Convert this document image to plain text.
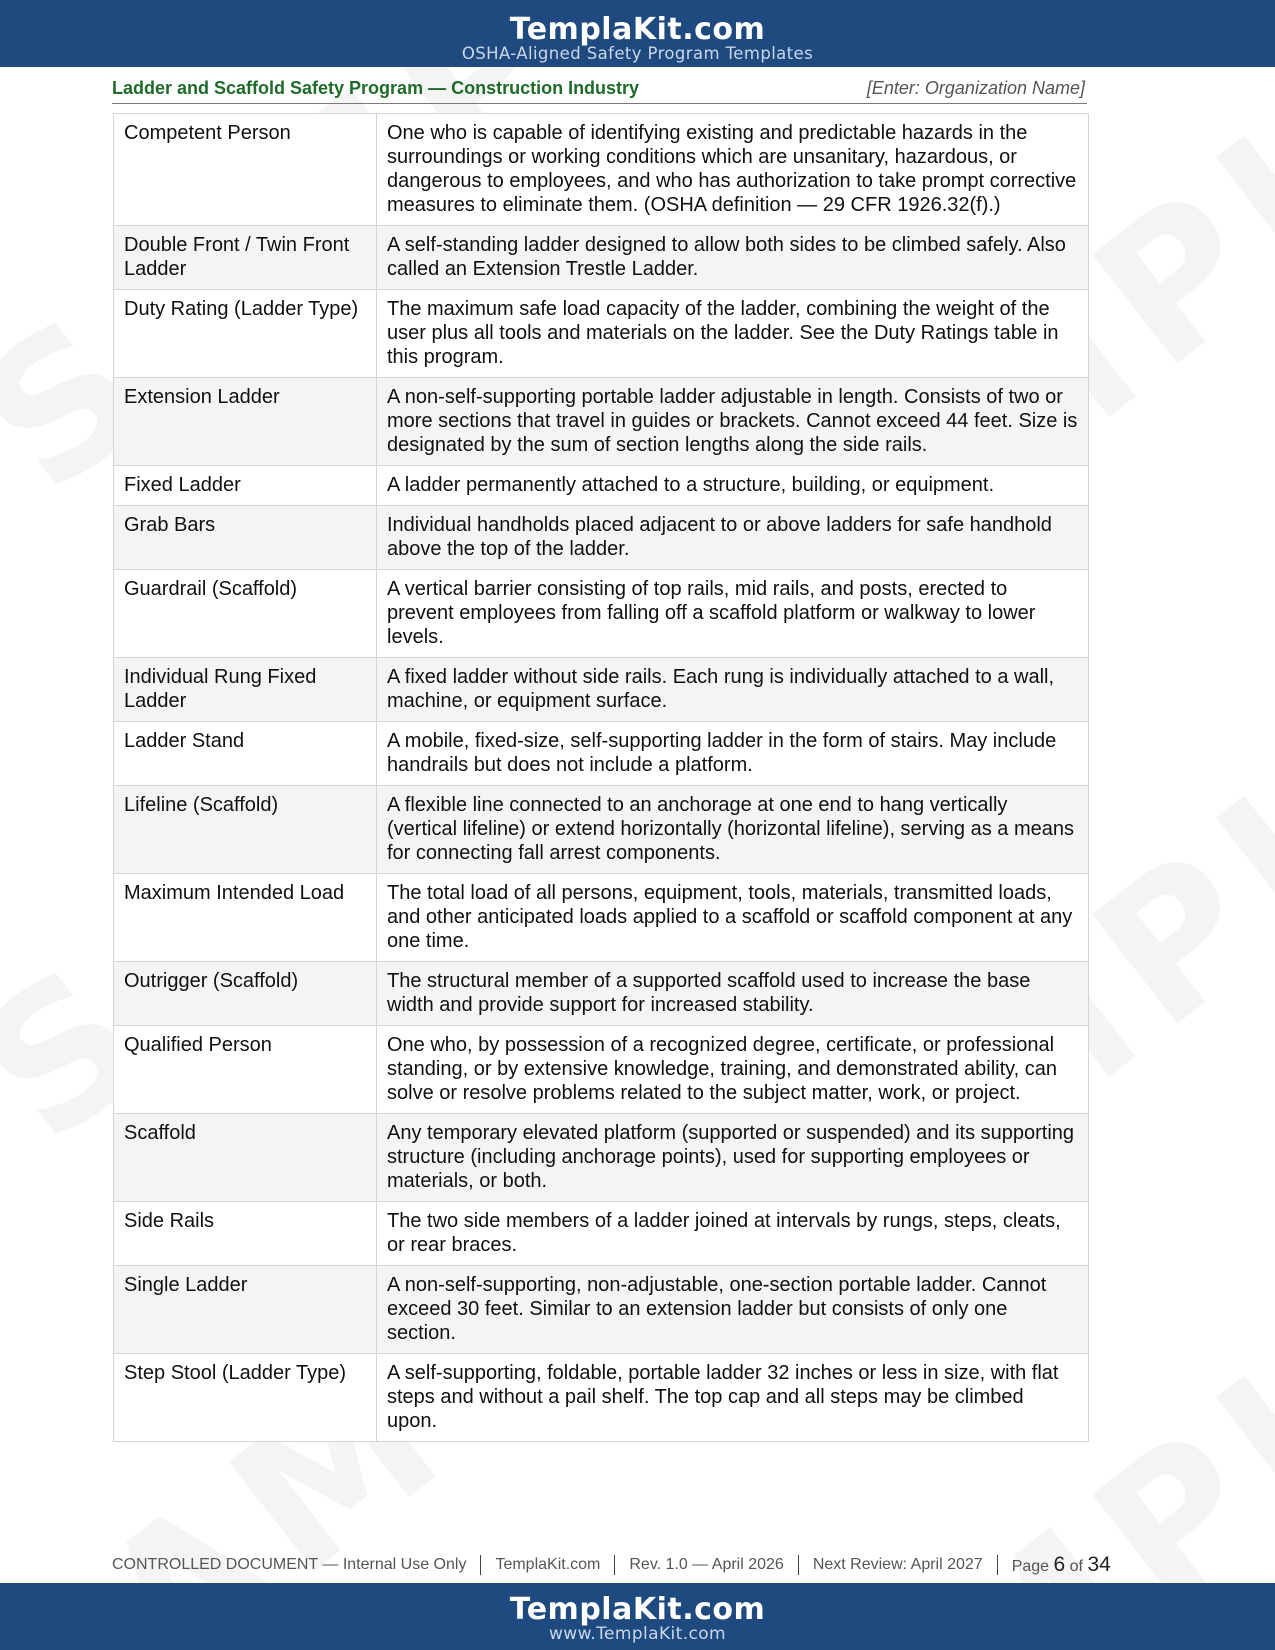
TemplaKit.com
OSHA-Aligned Safety Program Templates
Ladder and Scaffold Safety Program — Construction Industry	[Enter: Organization Name]
Competent Person	One who is capable of identifying existing and predictable hazards in the surroundings or working conditions which are unsanitary, hazardous, or dangerous to employees, and who has authorization to take prompt corrective measures to eliminate them. (OSHA definition — 29 CFR 1926.32(f).)
Double Front / Twin Front Ladder	A self-standing ladder designed to allow both sides to be climbed safely. Also called an Extension Trestle Ladder.
Duty Rating (Ladder Type)	The maximum safe load capacity of the ladder, combining the weight of the user plus all tools and materials on the ladder. See the Duty Ratings table in this program.
Extension Ladder	A non-self-supporting portable ladder adjustable in length. Consists of two or more sections that travel in guides or brackets. Cannot exceed 44 feet. Size is designated by the sum of section lengths along the side rails.
Fixed Ladder	A ladder permanently attached to a structure, building, or equipment.
Grab Bars	Individual handholds placed adjacent to or above ladders for safe handhold above the top of the ladder.
Guardrail (Scaffold)	A vertical barrier consisting of top rails, mid rails, and posts, erected to prevent employees from falling off a scaffold platform or walkway to lower levels.
Individual Rung Fixed Ladder	A fixed ladder without side rails. Each rung is individually attached to a wall, machine, or equipment surface.
Ladder Stand	A mobile, fixed-size, self-supporting ladder in the form of stairs. May include handrails but does not include a platform.
Lifeline (Scaffold)	A flexible line connected to an anchorage at one end to hang vertically (vertical lifeline) or extend horizontally (horizontal lifeline), serving as a means for connecting fall arrest components.
Maximum Intended Load	The total load of all persons, equipment, tools, materials, transmitted loads, and other anticipated loads applied to a scaffold or scaffold component at any one time.
Outrigger (Scaffold)	The structural member of a supported scaffold used to increase the base width and provide support for increased stability.
Qualified Person	One who, by possession of a recognized degree, certificate, or professional standing, or by extensive knowledge, training, and demonstrated ability, can solve or resolve problems related to the subject matter, work, or project.
Scaffold	Any temporary elevated platform (supported or suspended) and its supporting structure (including anchorage points), used for supporting employees or materials, or both.
Side Rails	The two side members of a ladder joined at intervals by rungs, steps, cleats, or rear braces.
Single Ladder	A non-self-supporting, non-adjustable, one-section portable ladder. Cannot exceed 30 feet. Similar to an extension ladder but consists of only one section.
Step Stool (Ladder Type)	A self-supporting, foldable, portable ladder 32 inches or less in size, with flat steps and without a pail shelf. The top cap and all steps may be climbed upon.
CONTROLLED DOCUMENT — Internal Use Only TemplaKit.com Rev. 1.0 — April 2026 Next Review: April 2027 Page 6 of 34
TemplaKit.com
www.TemplaKit.com
